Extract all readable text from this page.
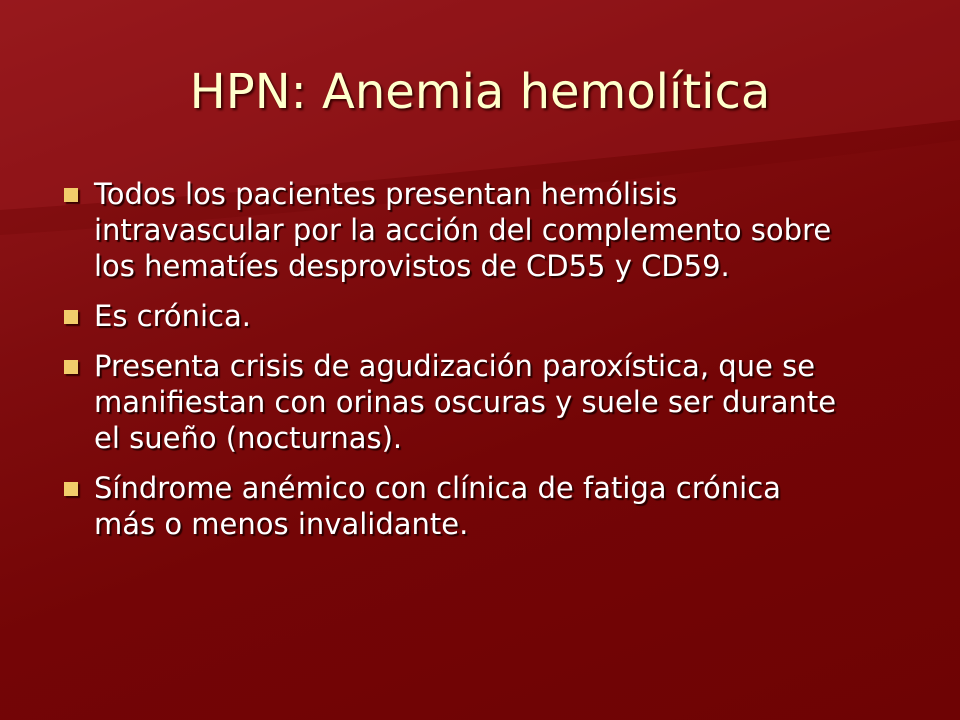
HPN: Anemia hemolítica
Todos los pacientes presentan hemólisis intravascular por la acción del complemento sobre los hematíes desprovistos de CD55 y CD59.
Es crónica.
Presenta crisis de agudización paroxística, que se manifiestan con orinas oscuras y suele ser durante el sueño (nocturnas).
Síndrome anémico con clínica de fatiga crónica más o menos invalidante.
